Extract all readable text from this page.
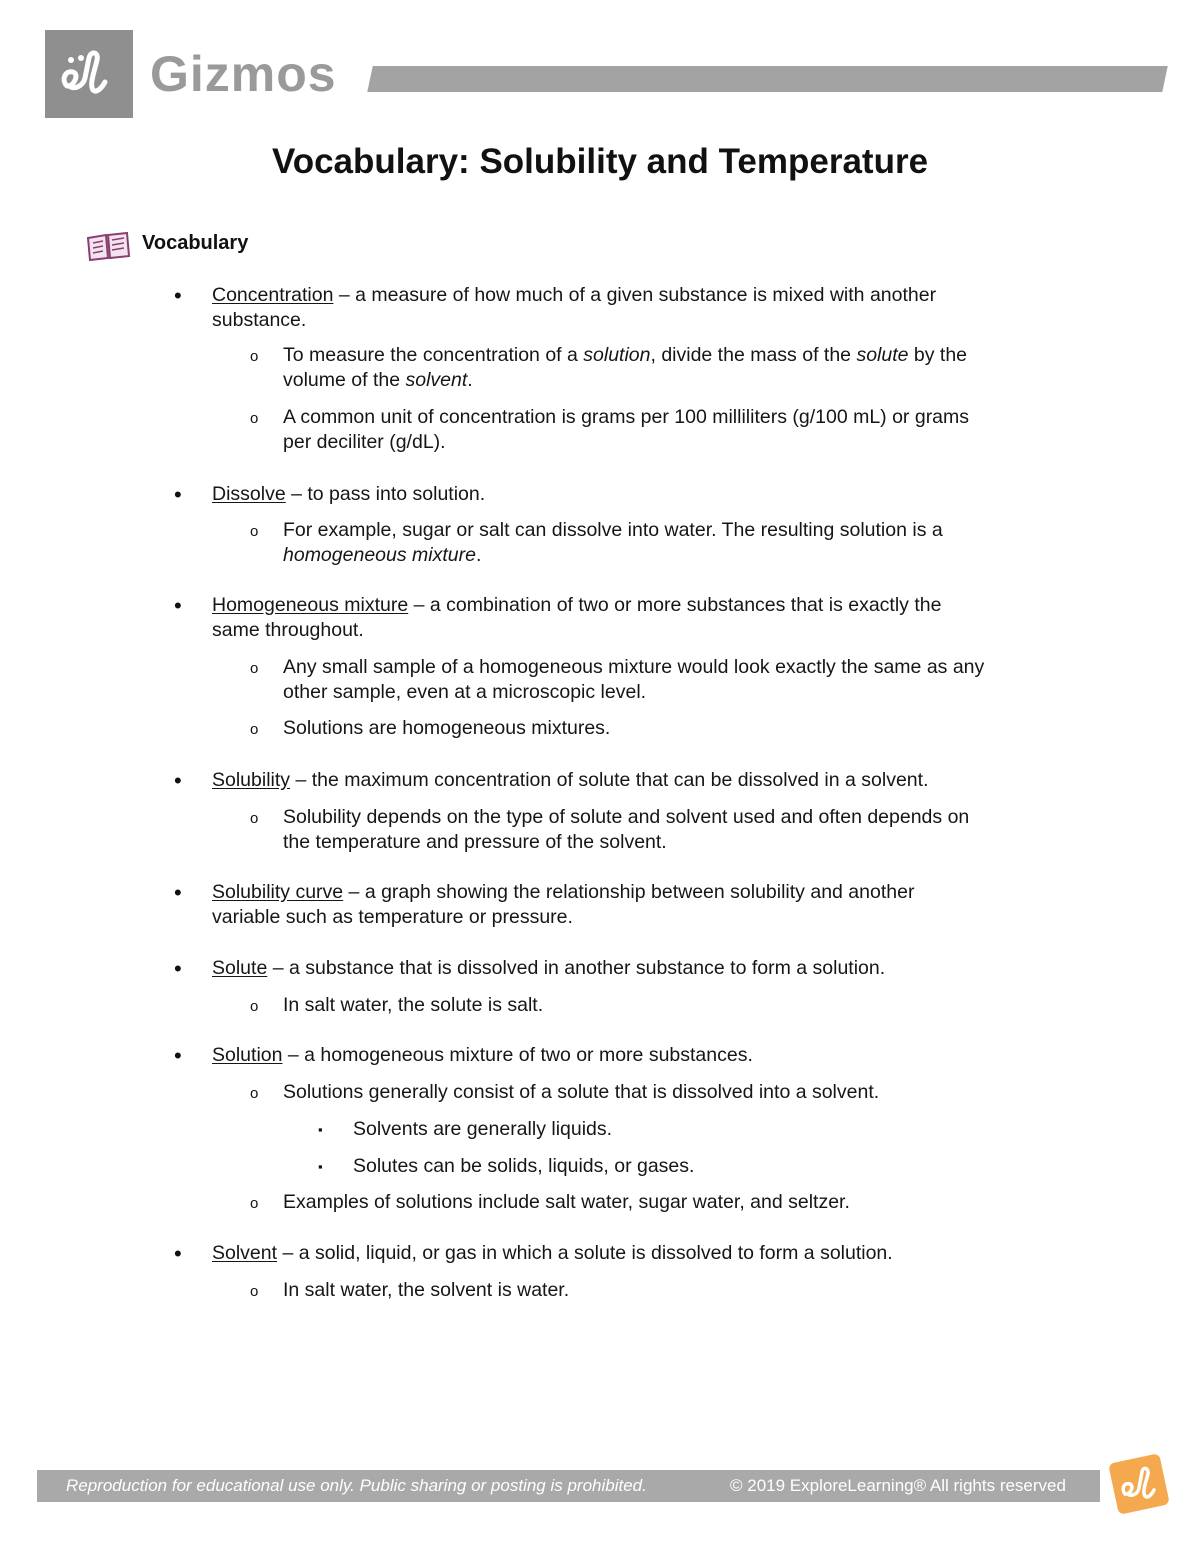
Gizmos
Vocabulary: Solubility and Temperature
Vocabulary
• Concentration – a measure of how much of a given substance is mixed with another
substance.
o To measure the concentration of a solution, divide the mass of the solute by the
volume of the solvent.
o A common unit of concentration is grams per 100 milliliters (g/100 mL) or grams
per deciliter (g/dL).
• Dissolve – to pass into solution.
o For example, sugar or salt can dissolve into water. The resulting solution is a
homogeneous mixture.
• Homogeneous mixture – a combination of two or more substances that is exactly the
same throughout.
o Any small sample of a homogeneous mixture would look exactly the same as any
other sample, even at a microscopic level.
o Solutions are homogeneous mixtures.
• Solubility – the maximum concentration of solute that can be dissolved in a solvent.
o Solubility depends on the type of solute and solvent used and often depends on
the temperature and pressure of the solvent.
• Solubility curve – a graph showing the relationship between solubility and another
variable such as temperature or pressure.
• Solute – a substance that is dissolved in another substance to form a solution.
o In salt water, the solute is salt.
• Solution – a homogeneous mixture of two or more substances.
o Solutions generally consist of a solute that is dissolved into a solvent.
▪ Solvents are generally liquids.
▪ Solutes can be solids, liquids, or gases.
o Examples of solutions include salt water, sugar water, and seltzer.
• Solvent – a solid, liquid, or gas in which a solute is dissolved to form a solution.
o In salt water, the solvent is water.
Reproduction for educational use only. Public sharing or posting is prohibited.	© 2019 ExploreLearning® All rights reserved
